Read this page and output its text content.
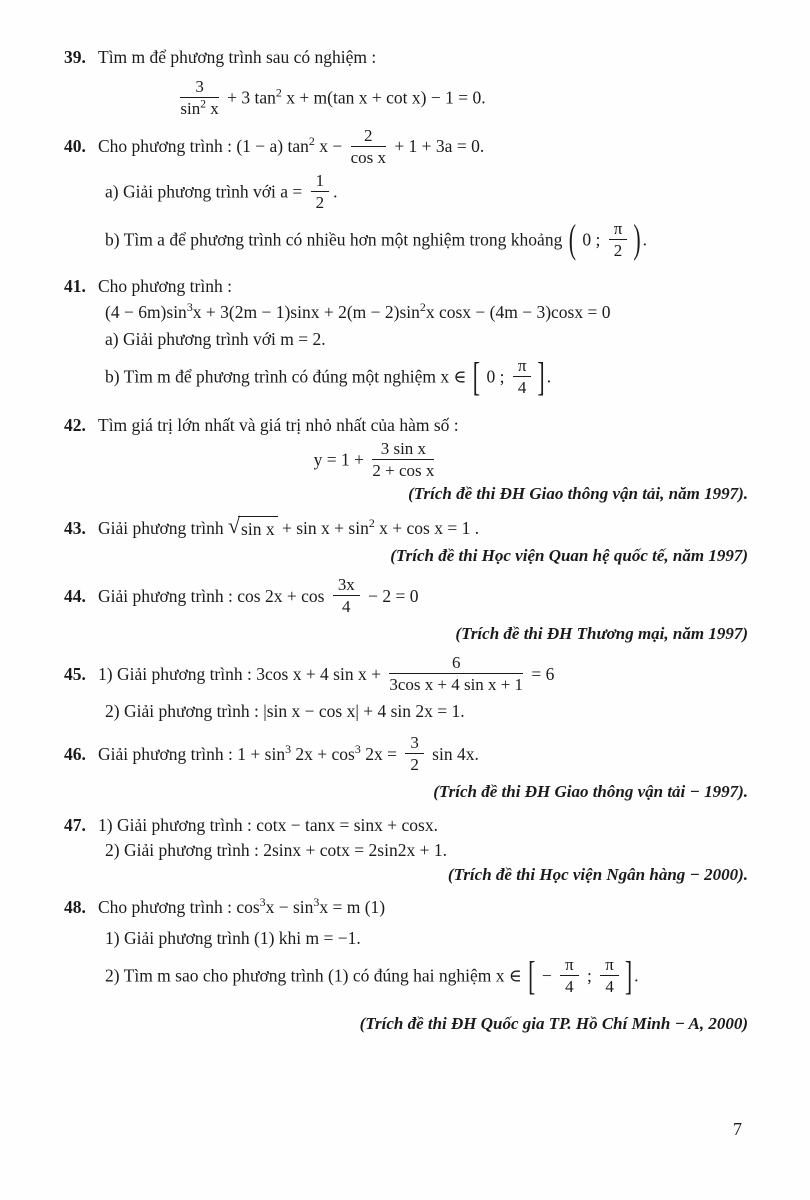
39. Tìm m để phương trình sau có nghiệm :
$\frac{3}{\sin^2 x} + 3$ $\tan^2 x + m(\tan$ x + cot x) − 1 = 0.
40. Cho phương trình : (1 − a) $\tan^2 x - \frac{2}{\text{cos x}} + 1 + 3a = 0$.
a) Giải phương trình với $a = \frac{1}{2}$ .
b) Tìm a để phương trình có nhiều hơn một nghiệm trong khoảng ( 0 ; $\frac{\pi}{2}$ ) .
41. Cho phương trình :
$(4 - 6m)\sin^3x + 3(2m - 1)\sin x + 2(m - 2)\sin^2x$ cosx − (4m − 3)cosx = 0
a) Giải phương trình với m = 2.
b) Tìm m để phương trình có đúng một nghiệm x ∈ [ 0 ; $\frac{\pi}{4}$ ] .
42. Tìm giá trị lớn nhất và giá trị nhỏ nhất của hàm số :
$y = 1 + \frac{\text{3 sin x}}{\text{2 + cos x}}$
(Trích đề thi ĐH Giao thông vận tải, năm 1997).
43. Giải phương trình √ $\sin x + \sin x + \sin^2 x + \cos x = 1$ .
(Trích đề thi Học viện Quan hệ quốc tế, năm 1997)
44. Giải phương trình : $\cos 2x + \cos \frac{3x}{4} - 2 = 0$
(Trích đề thi ĐH Thương mại, năm 1997)
45. 1) Giải phương trình : 3cos x + 4 $\sin x + \frac{6}{\text{3cos x + 4 sin x + 1}} = 6$
2) Giải phương trình : |sin x − cos x| + 4 sin 2x = 1.
46. Giải phương trình : $1 + \sin^3 2x + \cos^3 2x = \frac{3}{2}$ sin 4x.
(Trích đề thi ĐH Giao thông vận tải − 1997).
47. 1) Giải phương trình : cotx − tanx = sinx + cosx.
2) Giải phương trình : 2sinx + cotx = 2sin2x + 1.
(Trích đề thi Học viện Ngân hàng − 2000).
48. Cho phương trình : $\cos^3x - \sin^3x = m$ (1)
1) Giải phương trình (1) khi m = −1.
2) Tìm m sao cho phương trình (1) có đúng hai nghiệm x ∈ [ − $\frac{\pi}{4}$ ; $\frac{\pi}{4}$ ] .
(Trích đề thi ĐH Quốc gia TP. Hồ Chí Minh − A, 2000)
7
